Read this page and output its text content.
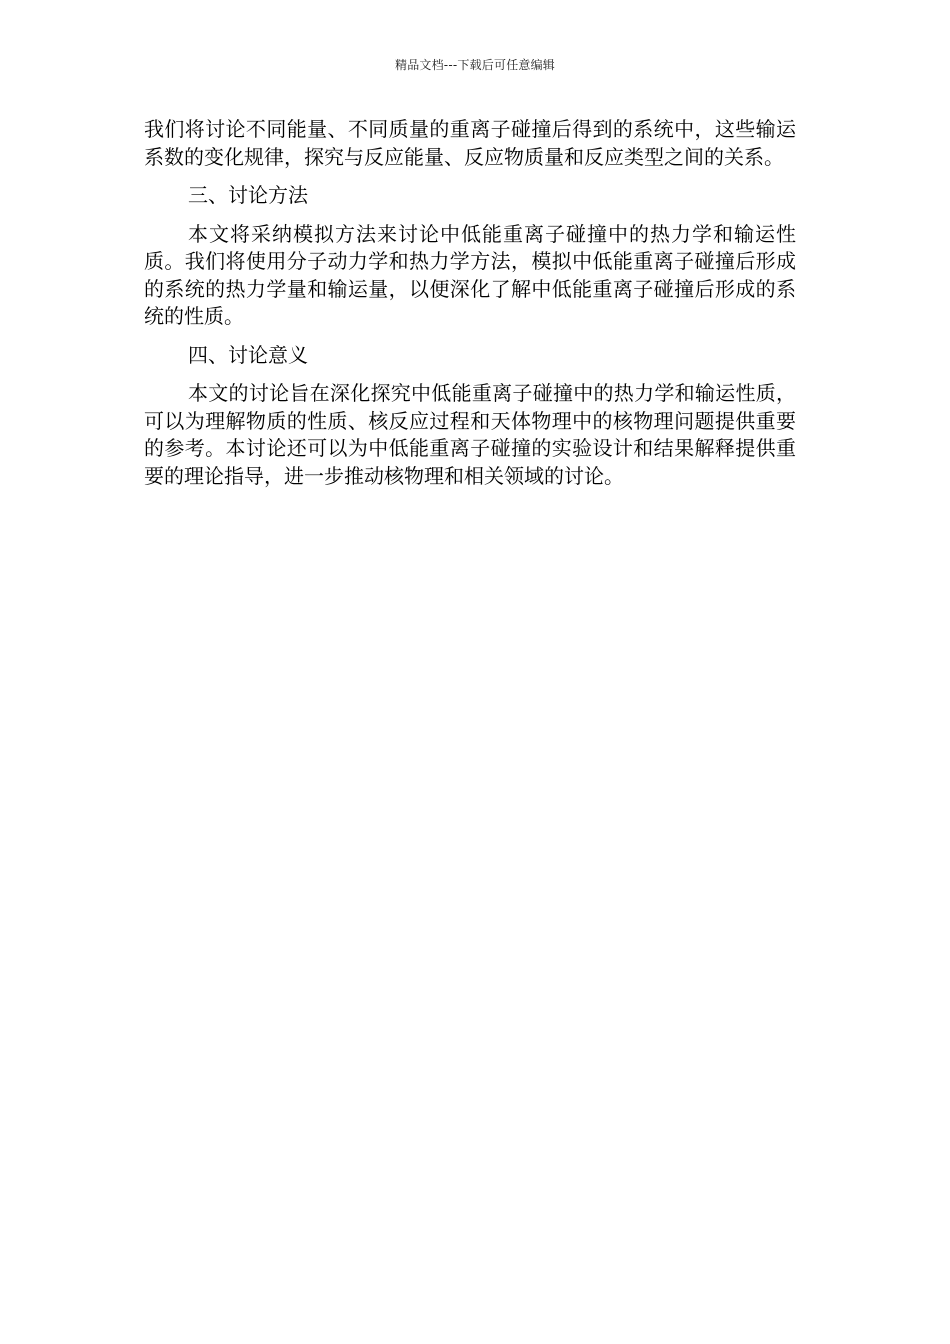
精品文档---下载后可任意编辑

我们将讨论不同能量、不同质量的重离子碰撞后得到的系统中，这些输运系数的变化规律，探究与反应能量、反应物质量和反应类型之间的关系。

三、讨论方法

本文将采纳模拟方法来讨论中低能重离子碰撞中的热力学和输运性质。我们将使用分子动力学和热力学方法，模拟中低能重离子碰撞后形成的系统的热力学量和输运量，以便深化了解中低能重离子碰撞后形成的系统的性质。

四、讨论意义

本文的讨论旨在深化探究中低能重离子碰撞中的热力学和输运性质，可以为理解物质的性质、核反应过程和天体物理中的核物理问题提供重要的参考。本讨论还可以为中低能重离子碰撞的实验设计和结果解释提供重要的理论指导，进一步推动核物理和相关领域的讨论。
